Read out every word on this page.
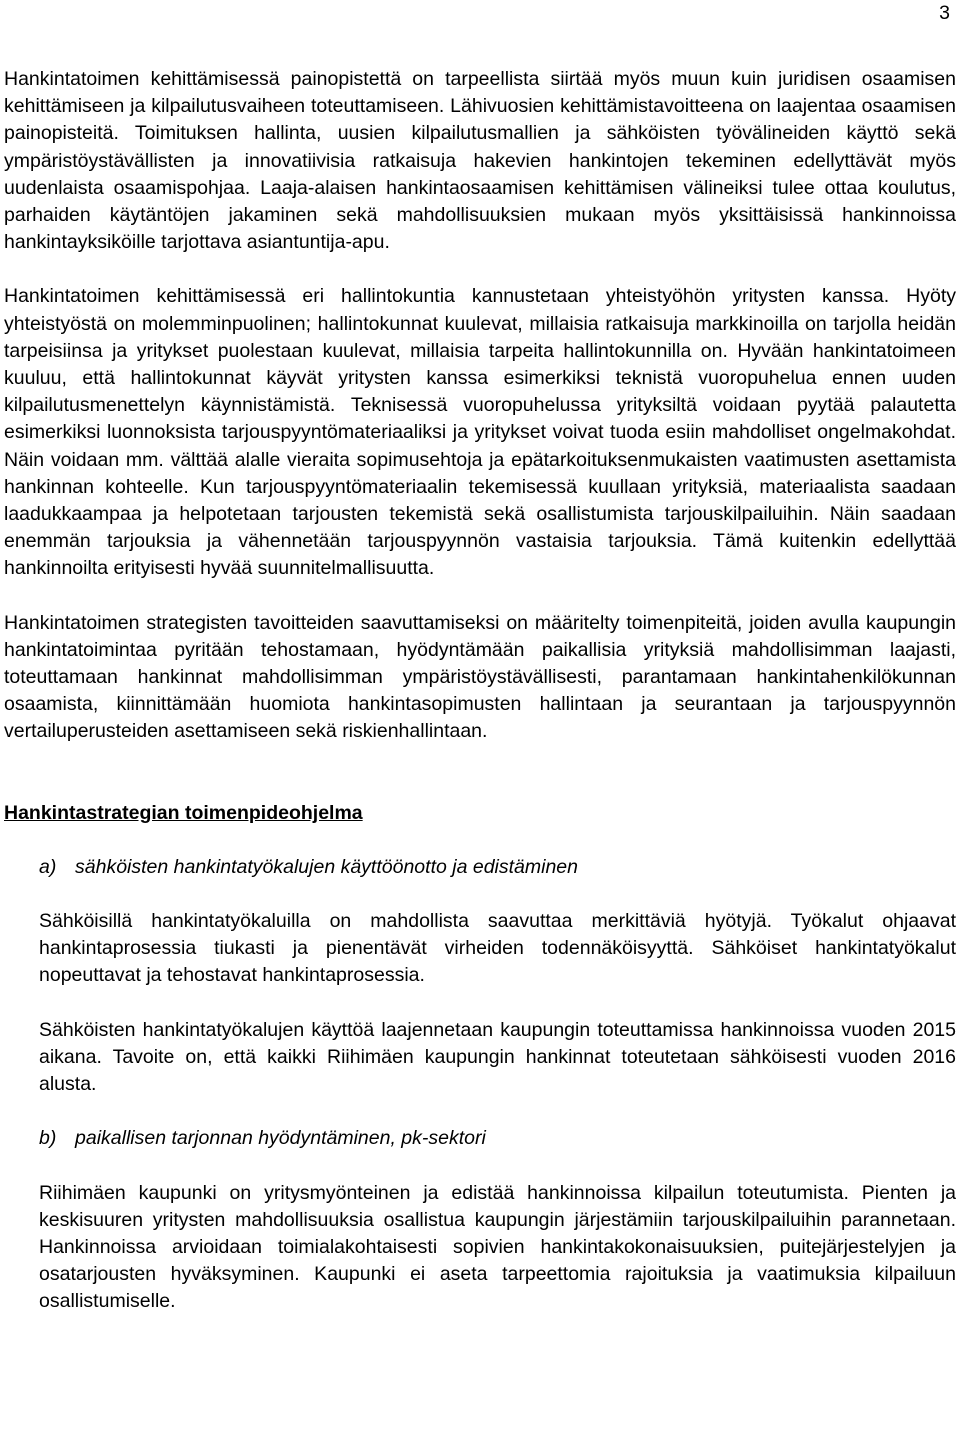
3

Hankintatoimen kehittämisessä painopistettä on tarpeellista siirtää myös muun kuin juridisen osaamisen kehittämiseen ja kilpailutusvaiheen toteuttamiseen. Lähivuosien kehittämistavoitteena on laajentaa osaamisen painopisteitä. Toimituksen hallinta, uusien kilpailutusmallien ja sähköisten työvälineiden käyttö sekä ympäristöystävällisten ja innovatiivisia ratkaisuja hakevien hankintojen tekeminen edellyttävät myös uudenlaista osaamispohjaa. Laaja-alaisen hankintaosaamisen kehittämisen välineiksi tulee ottaa koulutus, parhaiden käytäntöjen jakaminen sekä mahdollisuuksien mukaan myös yksittäisissä hankinnoissa hankintayksiköille tarjottava asiantuntija-apu.

Hankintatoimen kehittämisessä eri hallintokuntia kannustetaan yhteistyöhön yritysten kanssa. Hyöty yhteistyöstä on molemminpuolinen; hallintokunnat kuulevat, millaisia ratkaisuja markkinoilla on tarjolla heidän tarpeisiinsa ja yritykset puolestaan kuulevat, millaisia tarpeita hallintokunnilla on. Hyvään hankintatoimeen kuuluu, että hallintokunnat käyvät yritysten kanssa esimerkiksi teknistä vuoropuhelua ennen uuden kilpailutusmenettelyn käynnistämistä. Teknisessä vuoropuhelussa yrityksiltä voidaan pyytää palautetta esimerkiksi luonnoksista tarjouspyyntömateriaaliksi ja yritykset voivat tuoda esiin mahdolliset ongelmakohdat. Näin voidaan mm. välttää alalle vieraita sopimusehtoja ja epätarkoituksenmukaisten vaatimusten asettamista hankinnan kohteelle. Kun tarjouspyyntömateriaalin tekemisessä kuullaan yrityksiä, materiaalista saadaan laadukkaampaa ja helpotetaan tarjousten tekemistä sekä osallistumista tarjouskilpailuihin. Näin saadaan enemmän tarjouksia ja vähennetään tarjouspyynnön vastaisia tarjouksia. Tämä kuitenkin edellyttää hankinnoilta erityisesti hyvää suunnitelmallisuutta.

Hankintatoimen strategisten tavoitteiden saavuttamiseksi on määritelty toimenpiteitä, joiden avulla kaupungin hankintatoimintaa pyritään tehostamaan, hyödyntämään paikallisia yrityksiä mahdollisimman laajasti, toteuttamaan hankinnat mahdollisimman ympäristöystävällisesti, parantamaan hankintahenkilökunnan osaamista, kiinnittämään huomiota hankintasopimusten hallintaan ja seurantaan ja tarjouspyynnön vertailuperusteiden asettamiseen sekä riskienhallintaan.

Hankintastrategian toimenpideohjelma
a) sähköisten hankintatyökalujen käyttöönotto ja edistäminen

Sähköisillä hankintatyökaluilla on mahdollista saavuttaa merkittäviä hyötyjä. Työkalut ohjaavat hankintaprosessia tiukasti ja pienentävät virheiden todennäköisyyttä. Sähköiset hankintatyökalut nopeuttavat ja tehostavat hankintaprosessia.

Sähköisten hankintatyökalujen käyttöä laajennetaan kaupungin toteuttamissa hankinnoissa vuoden 2015 aikana. Tavoite on, että kaikki Riihimäen kaupungin hankinnat toteutetaan sähköisesti vuoden 2016 alusta.

b) paikallisen tarjonnan hyödyntäminen, pk-sektori

Riihimäen kaupunki on yritysmyönteinen ja edistää hankinnoissa kilpailun toteutumista. Pienten ja keskisuuren yritysten mahdollisuuksia osallistua kaupungin järjestämiin tarjouskilpailuihin parannetaan. Hankinnoissa arvioidaan toimialakohtaisesti sopivien hankintakokonaisuuksien, puitejärjestelyjen ja osatarjousten hyväksyminen. Kaupunki ei aseta tarpeettomia rajoituksia ja vaatimuksia kilpailuun osallistumiselle.
